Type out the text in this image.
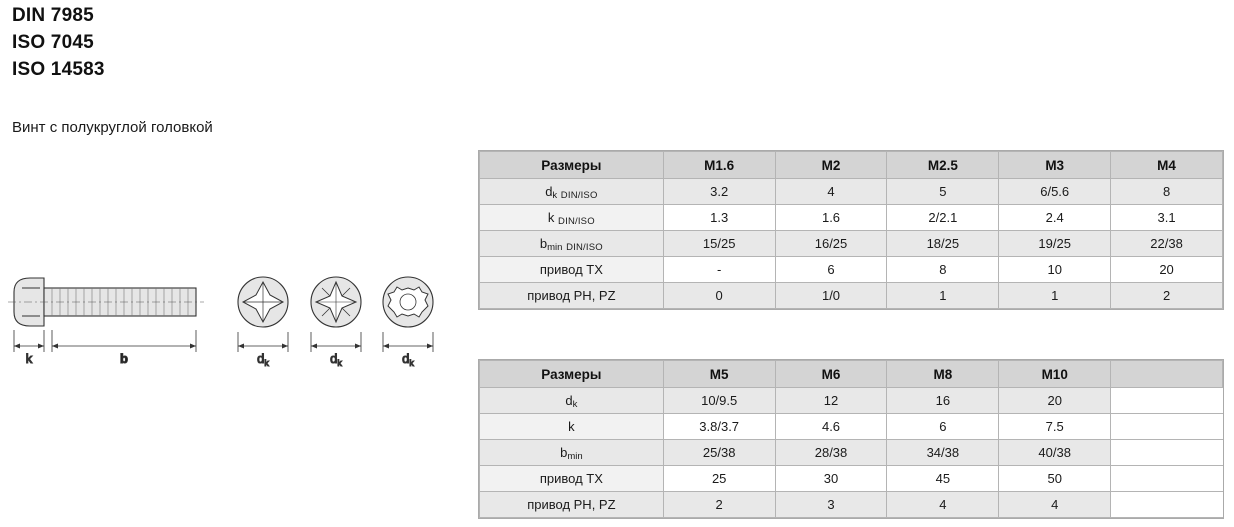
DIN 7985
ISO 7045
ISO 14583
Винт с полукруглой головкой
k	b	$d_k$	$d_k$	$d_k$
Размеры	M1.6	M2	M2.5	M3	M4
dk DIN/ISO	3.2	4	5	6/5.6	8
k DIN/ISO	1.3	1.6	2/2.1	2.4	3.1
bmin DIN/ISO	15/25	16/25	18/25	19/25	22/38
привод TX	-	6	8	10	20
привод PH, PZ	0	1/0	1	1	2
Размеры	M5	M6	M8	M10	
dk	10/9.5	12	16	20	
k	3.8/3.7	4.6	6	7.5	
bmin	25/38	28/38	34/38	40/38	
привод TX	25	30	45	50	
привод PH, PZ	2	3	4	4	
